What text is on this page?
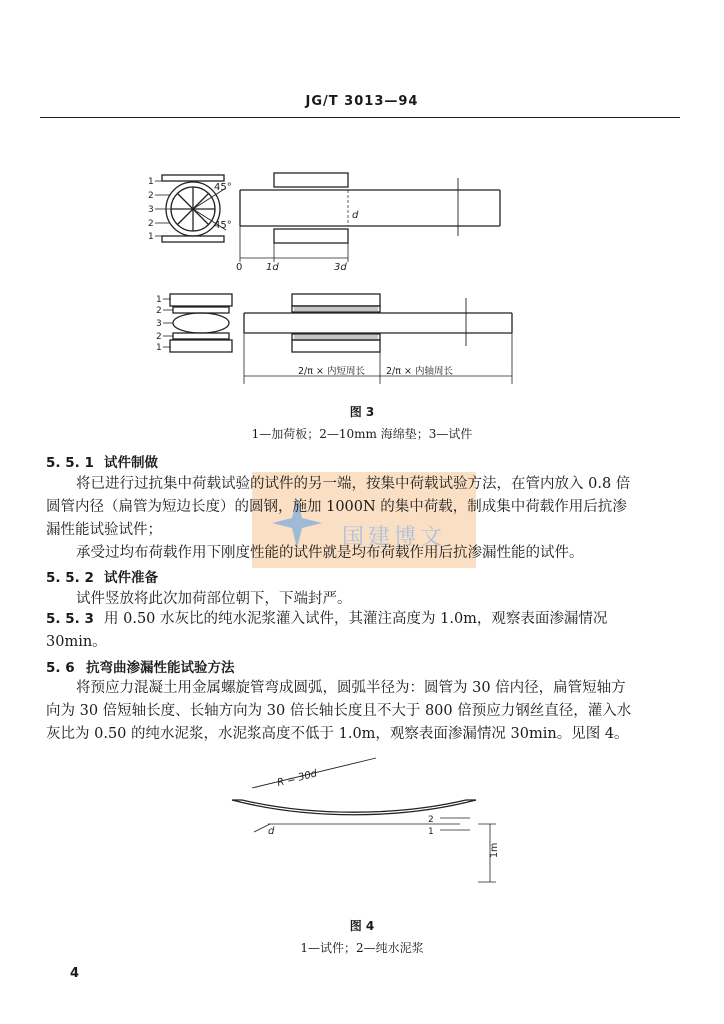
JG/T 3013—94
45°
45°
d
0 1d	3d
2/π × 内短周长 2/π × 内轴周长
1
2
3
2
1
1
2
3
2
1
图 3
1—加荷板；2—10mm 海绵垫；3—试件
国建博文
5. 5. 1 试件制做
将已进行过抗集中荷载试验的试件的另一端，按集中荷载试验方法，在管内放入 0.8 倍
圆管内径（扁管为短边长度）的圆钢，施加 1000N 的集中荷载，制成集中荷载作用后抗渗
漏性能试验试件；
承受过均布荷载作用下刚度性能的试件就是均布荷载作用后抗渗漏性能的试件。
5. 5. 2 试件准备
试件竖放将此次加荷部位朝下，下端封严。
5. 5. 3 用 0.50 水灰比的纯水泥浆灌入试件，其灌注高度为 1.0m，观察表面渗漏情况
30min。
5. 6 抗弯曲渗漏性能试验方法
将预应力混凝土用金属螺旋管弯成圆弧，圆弧半径为：圆管为 30 倍内径，扁管短轴方
向为 30 倍短轴长度、长轴方向为 30 倍长轴长度且不大于 800 倍预应力钢丝直径，灌入水
灰比为 0.50 的纯水泥浆，水泥浆高度不低于 1.0m，观察表面渗漏情况 30min。见图 4。
R = 30d
d
1m
2
1
图 4
1—试件；2—纯水泥浆
4
